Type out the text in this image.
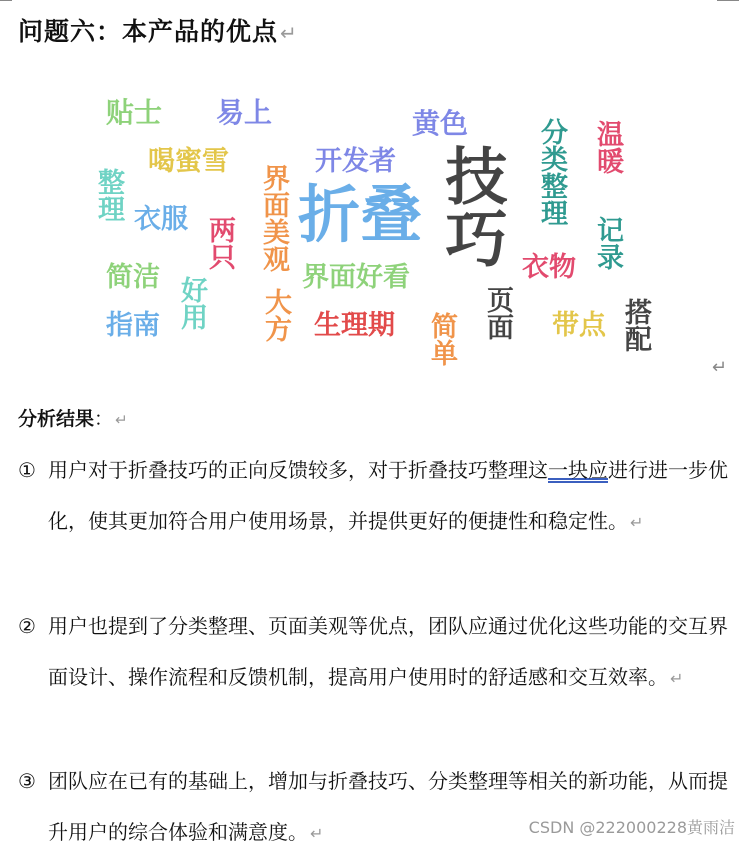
问题六：本产品的优点 ↵
贴士 易上	黄色	分类整理 温暖
喝蜜雪	开发者
整理	界面美观 折叠 技巧
衣服 两只	记录
简洁	界面好看	衣物
好用 大方	页面
指南	生理期 简单	带点 搭配
↵
分析结果： ↵
① 用户对于折叠技巧的正向反馈较多，对于折叠技巧整理这一块应进行进一步优化，使其更加符合用户使用场景，并提供更好的便捷性和稳定性。 ↵
② 用户也提到了分类整理、页面美观等优点，团队应通过优化这些功能的交互界面设计、操作流程和反馈机制，提高用户使用时的舒适感和交互效率。 ↵
③ 团队应在已有的基础上，增加与折叠技巧、分类整理等相关的新功能，从而提升用户的综合体验和满意度。 ↵	CSDN @222000228黄雨洁
